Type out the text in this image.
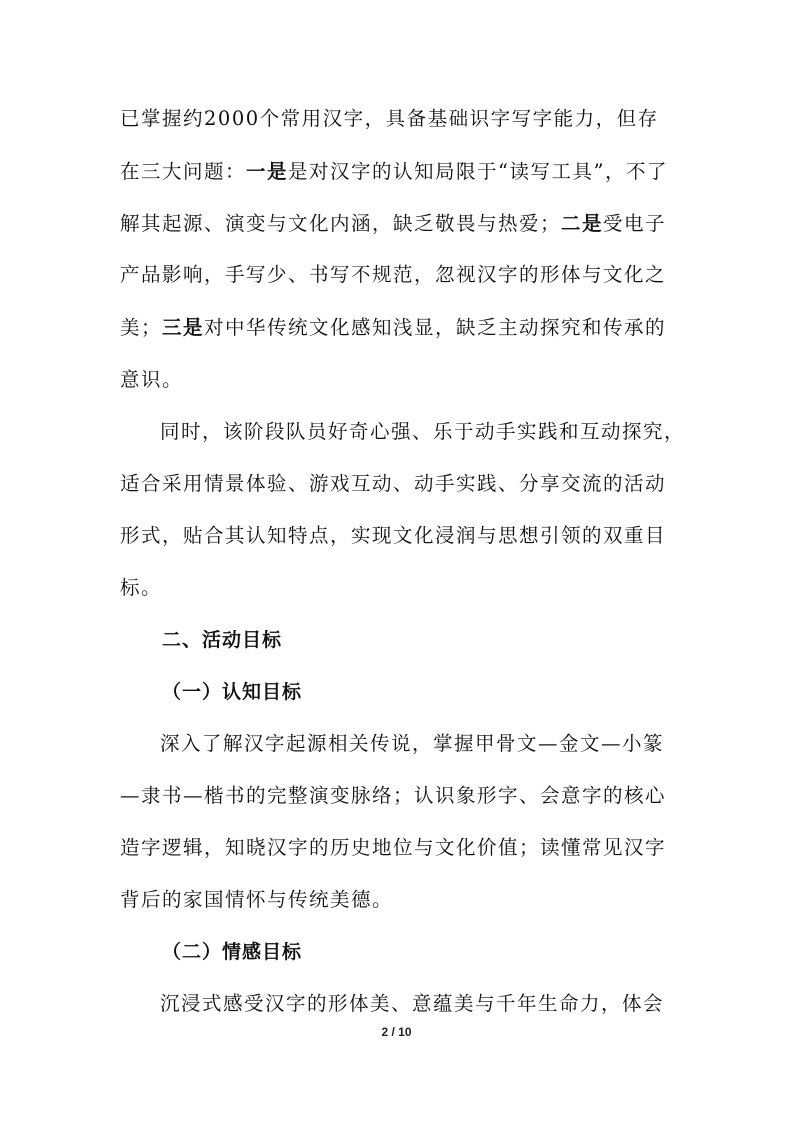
已掌握约2000个常用汉字，具备基础识字写字能力，但存
在三大问题：一是是对汉字的认知局限于“读写工具”，不了
解其起源、演变与文化内涵，缺乏敬畏与热爱；二是受电子
产品影响，手写少、书写不规范，忽视汉字的形体与文化之
美；三是对中华传统文化感知浅显，缺乏主动探究和传承的
意识。
同时，该阶段队员好奇心强、乐于动手实践和互动探究，
适合采用情景体验、游戏互动、动手实践、分享交流的活动
形式，贴合其认知特点，实现文化浸润与思想引领的双重目
标。
二、活动目标
（一）认知目标
深入了解汉字起源相关传说，掌握甲骨文—金文—小篆
—隶书—楷书的完整演变脉络；认识象形字、会意字的核心
造字逻辑，知晓汉字的历史地位与文化价值；读懂常见汉字
背后的家国情怀与传统美德。
（二）情感目标
沉浸式感受汉字的形体美、意蕴美与千年生命力，体会
2 / 10
